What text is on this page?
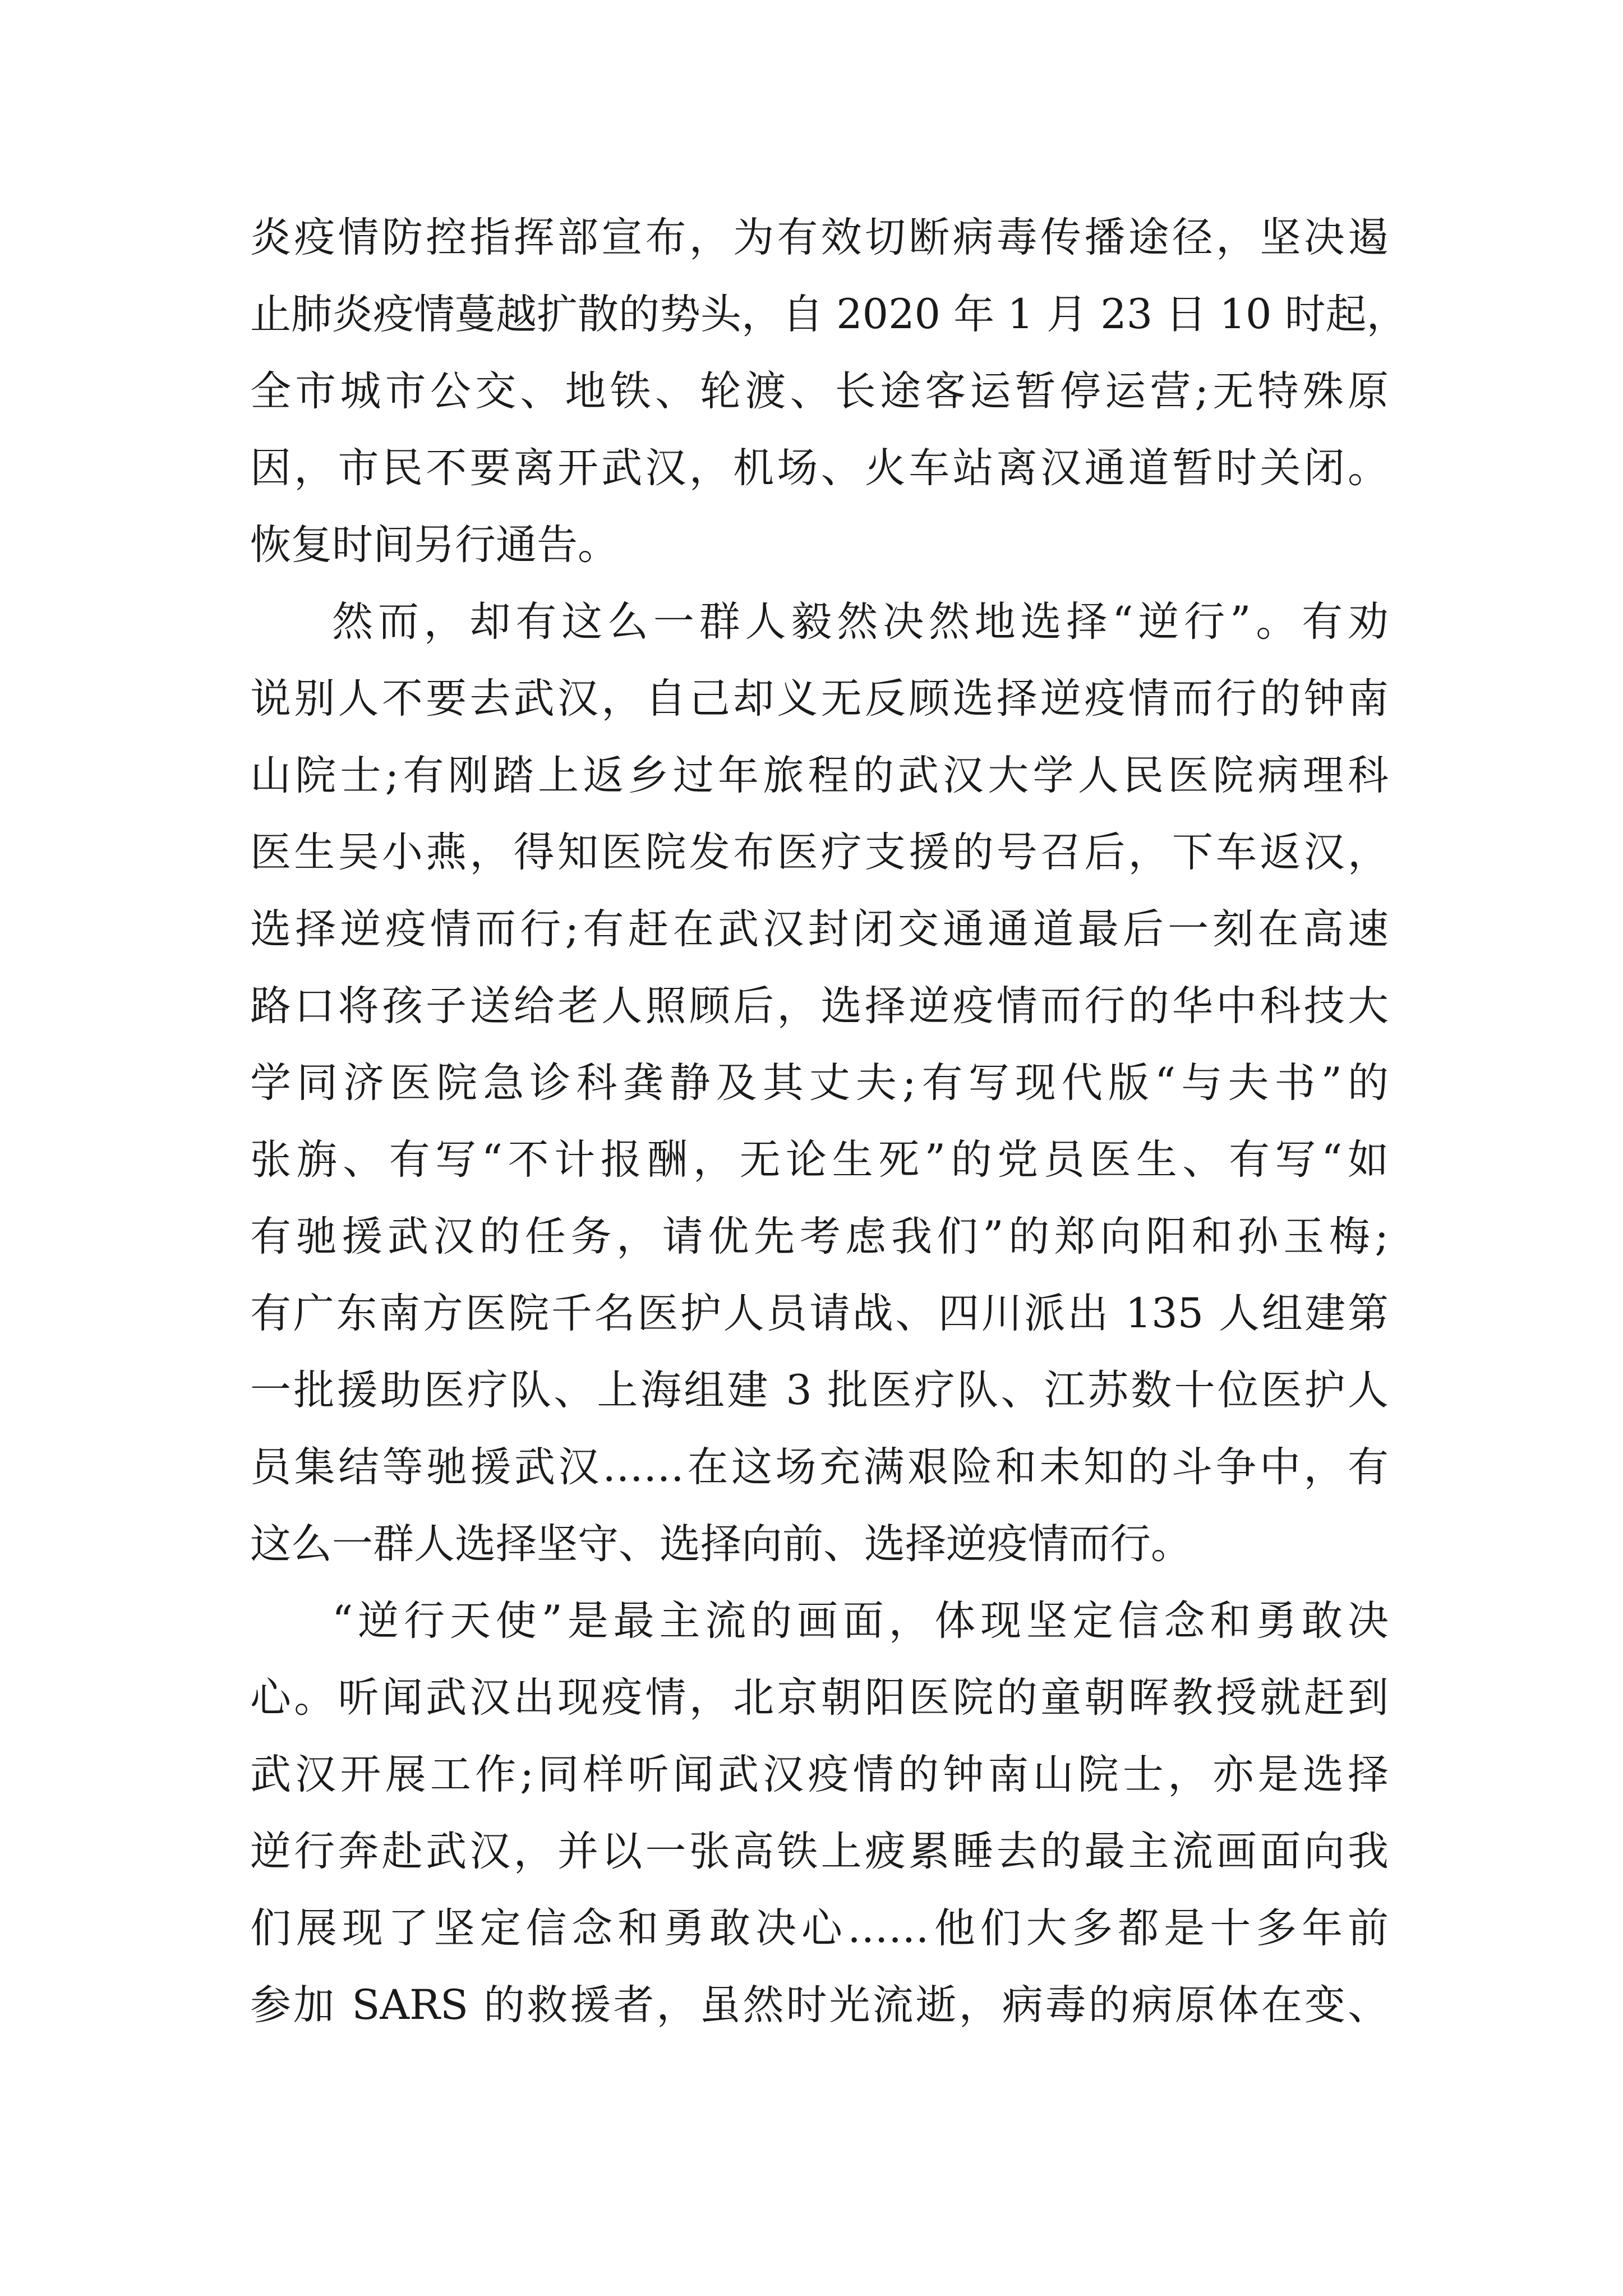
炎疫情防控指挥部宣布，为有效切断病毒传播途径，坚决遏
止肺炎疫情蔓越扩散的势头，自 2020 年 1 月 23 日 10 时起，
全市城市公交、地铁、轮渡、长途客运暂停运营;无特殊原
因，市民不要离开武汉，机场、火车站离汉通道暂时关闭。
恢复时间另行通告。
然而，却有这么一群人毅然决然地选择“逆行”。有劝
说别人不要去武汉，自己却义无反顾选择逆疫情而行的钟南
山院士;有刚踏上返乡过年旅程的武汉大学人民医院病理科
医生吴小燕，得知医院发布医疗支援的号召后，下车返汉，
选择逆疫情而行;有赶在武汉封闭交通通道最后一刻在高速
路口将孩子送给老人照顾后，选择逆疫情而行的华中科技大
学同济医院急诊科龚静及其丈夫;有写现代版“与夫书”的
张旃、有写“不计报酬，无论生死”的党员医生、有写“如
有驰援武汉的任务，请优先考虑我们”的郑向阳和孙玉梅;
有广东南方医院千名医护人员请战、四川派出 135 人组建第
一批援助医疗队、上海组建 3 批医疗队、江苏数十位医护人
员集结等驰援武汉……在这场充满艰险和未知的斗争中，有
这么一群人选择坚守、选择向前、选择逆疫情而行。
“逆行天使”是最主流的画面，体现坚定信念和勇敢决
心。听闻武汉出现疫情，北京朝阳医院的童朝晖教授就赶到
武汉开展工作;同样听闻武汉疫情的钟南山院士，亦是选择
逆行奔赴武汉，并以一张高铁上疲累睡去的最主流画面向我
们展现了坚定信念和勇敢决心……他们大多都是十多年前
参加 SARS 的救援者，虽然时光流逝，病毒的病原体在变、
